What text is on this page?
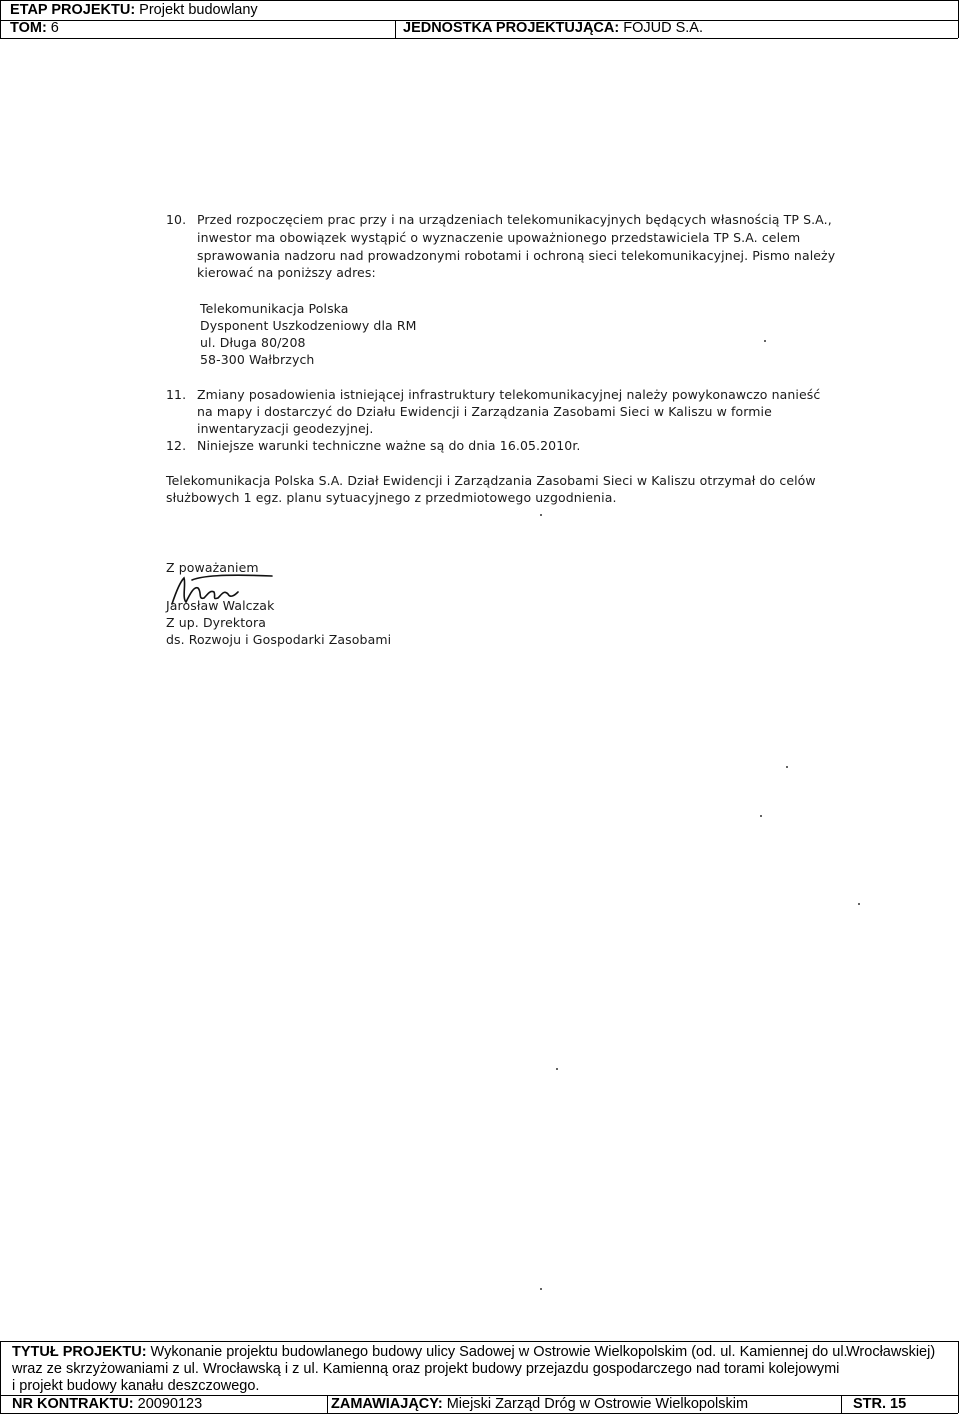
ETAP PROJEKTU: Projekt budowlany
TOM: 6	JEDNOSTKA PROJEKTUJĄCA: FOJUD S.A.
10. Przed rozpoczęciem prac przy i na urządzeniach telekomunikacyjnych będących własnością TP S.A.,
inwestor ma obowiązek wystąpić o wyznaczenie upoważnionego przedstawiciela TP S.A. celem
sprawowania nadzoru nad prowadzonymi robotami i ochroną sieci telekomunikacyjnej. Pismo należy
kierować na poniższy adres:
Telekomunikacja Polska
Dysponent Uszkodzeniowy dla RM
ul. Długa 80/208
58-300 Wałbrzych
11. Zmiany posadowienia istniejącej infrastruktury telekomunikacyjnej należy powykonawczo nanieść
na mapy i dostarczyć do Działu Ewidencji i Zarządzania Zasobami Sieci w Kaliszu w formie
inwentaryzacji geodezyjnej.
12. Niniejsze warunki techniczne ważne są do dnia 16.05.2010r.
Telekomunikacja Polska S.A. Dział Ewidencji i Zarządzania Zasobami Sieci w Kaliszu otrzymał do celów
służbowych 1 egz. planu sytuacyjnego z przedmiotowego uzgodnienia.
Z poważaniem
Jarosław Walczak
Z up. Dyrektora
ds. Rozwoju i Gospodarki Zasobami
TYTUŁ PROJEKTU: Wykonanie projektu budowlanego budowy ulicy Sadowej w Ostrowie Wielkopolskim (od. ul. Kamiennej do ul.
Wrocławskiej)
wraz ze skrzyżowaniami z ul. Wrocławską i z ul. Kamienną oraz projekt budowy przejazdu gospodarczego nad torami kolejowymi
i projekt budowy kanału deszczowego.
NR KONTRAKTU: 20090123	ZAMAWIAJĄCY: Miejski Zarząd Dróg w Ostrowie Wielkopolskim	STR. 15
